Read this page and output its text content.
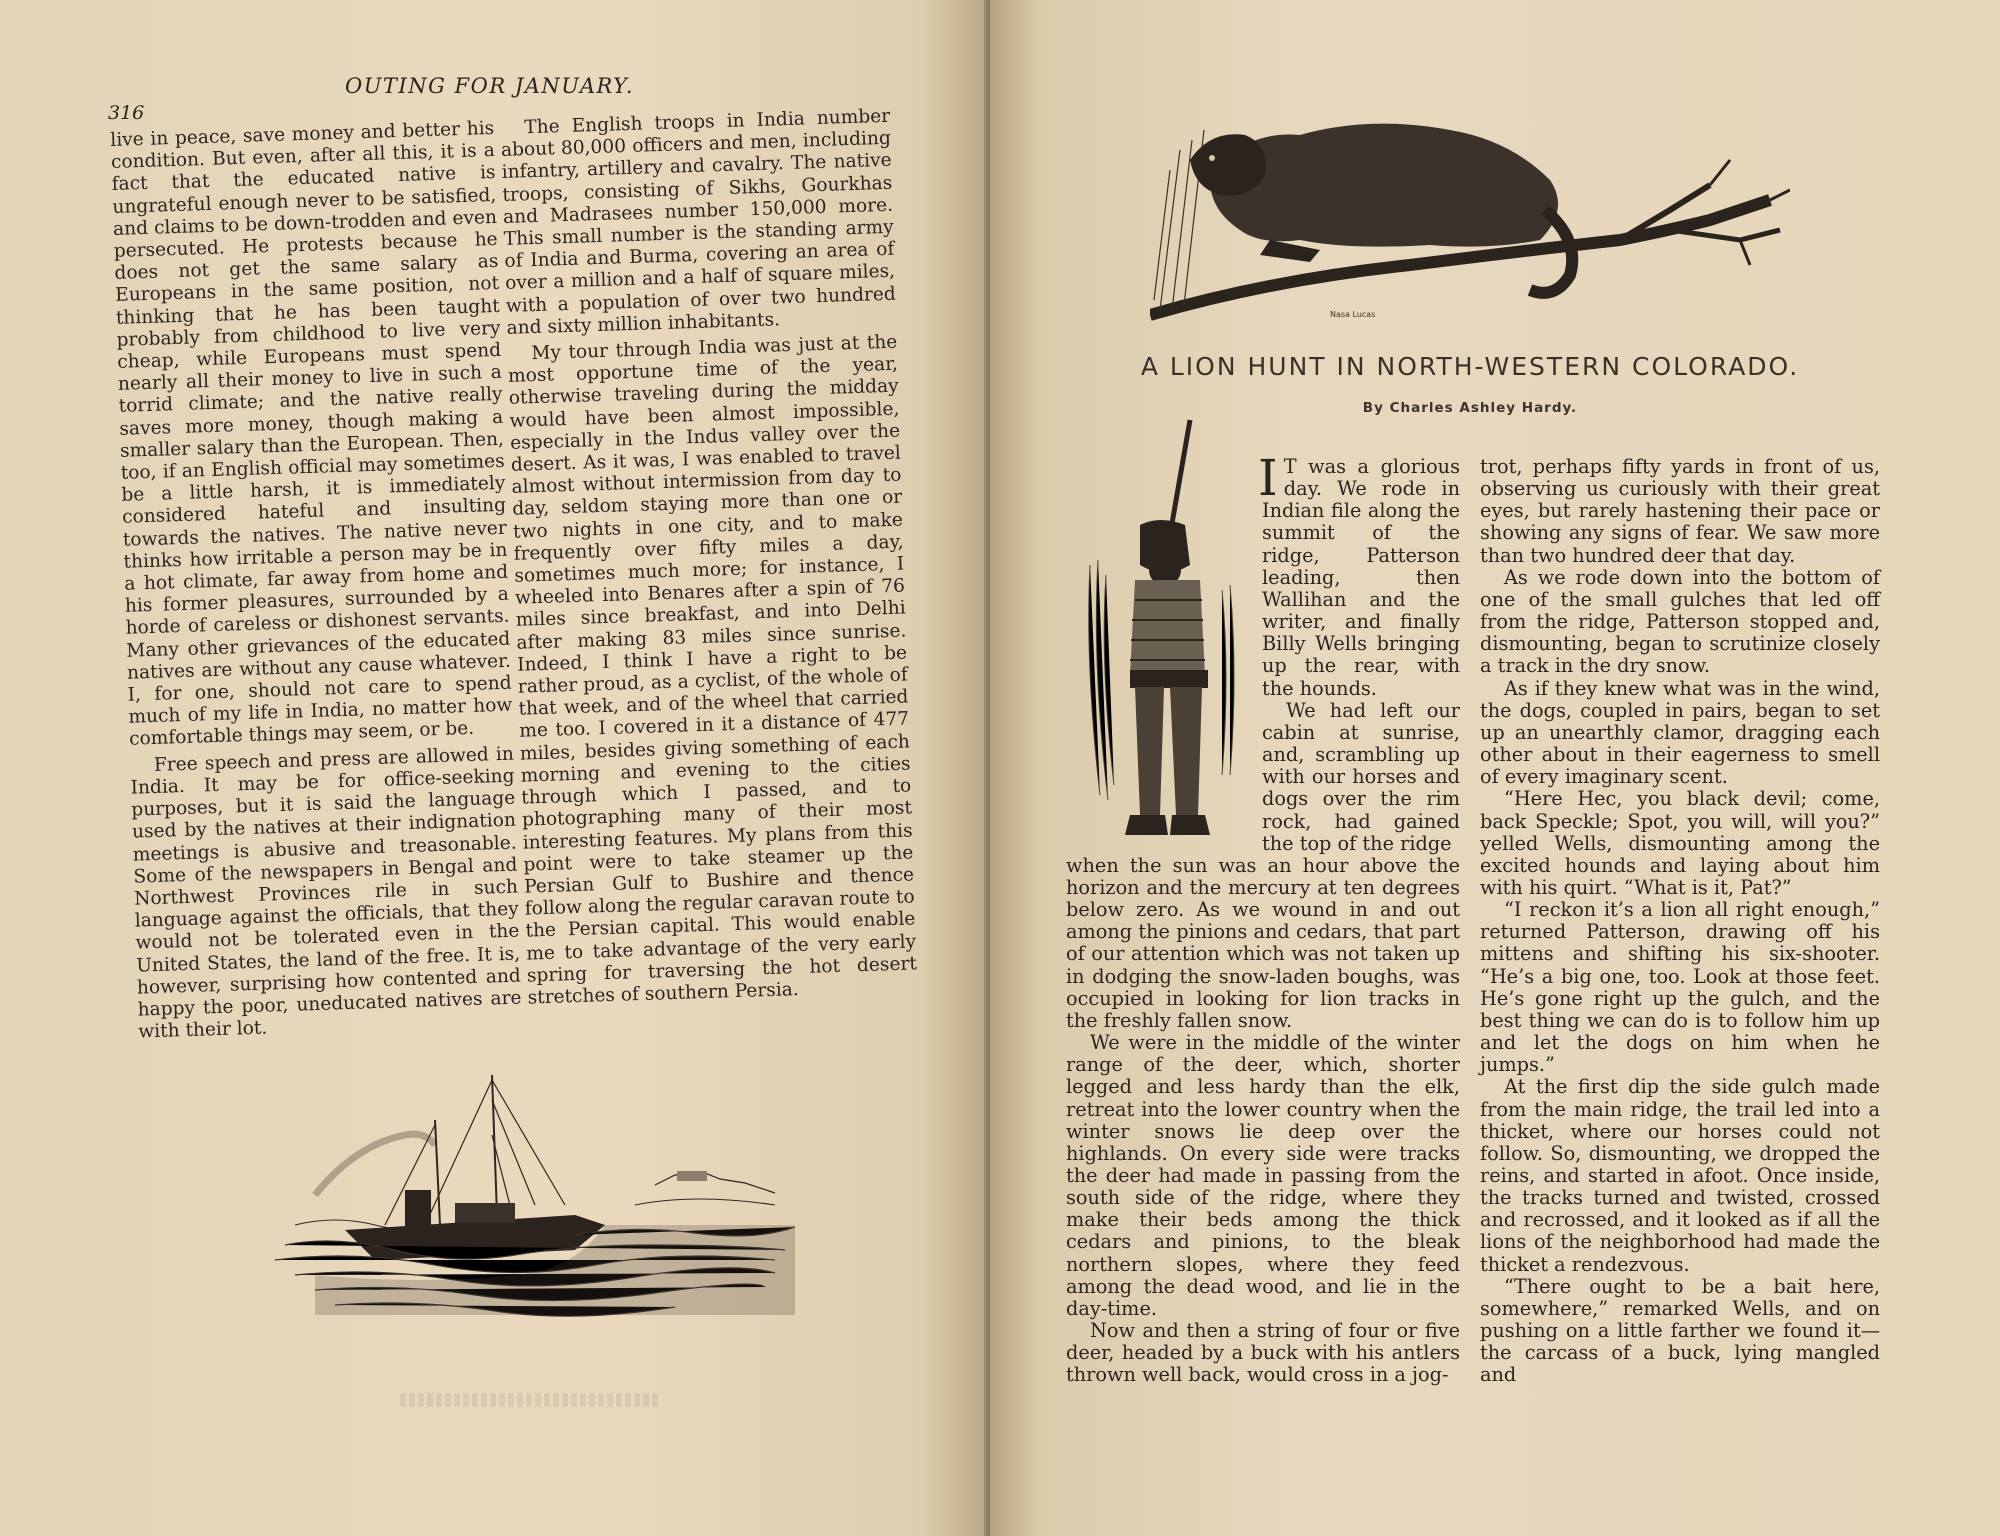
316
OUTING FOR JANUARY.

live in peace, save money and better his condition. But even, after all this, it is a fact that the educated native is ungrateful enough never to be satisfied, and claims to be down-trodden and even persecuted. He protests because he does not get the same salary as Europeans in the same position, not thinking that he has been taught probably from childhood to live very cheap, while Europeans must spend nearly all their money to live in such a torrid climate; and the native really saves more money, though making a smaller salary than the European. Then, too, if an English official may sometimes be a little harsh, it is immediately considered hateful and insulting towards the natives. The native never thinks how irritable a person may be in a hot climate, far away from home and his former pleasures, surrounded by a horde of careless or dishonest servants. Many other grievances of the educated natives are without any cause whatever. I, for one, should not care to spend much of my life in India, no matter how comfortable things may seem, or be.

Free speech and press are allowed in India. It may be for office-seeking purposes, but it is said the language used by the natives at their indignation meetings is abusive and treasonable. Some of the newspapers in Bengal and Northwest Provinces rile in such language against the officials, that they would not be tolerated even in the United States, the land of the free. It is, however, surprising how contented and happy the poor, uneducated natives are with their lot.

The English troops in India number about 80,000 officers and men, including infantry, artillery and cavalry. The native troops, consisting of Sikhs, Gourkhas and Madrasees number 150,000 more. This small number is the standing army of India and Burma, covering an area of over a million and a half of square miles, with a population of over two hundred and sixty million inhabitants.

My tour through India was just at the most opportune time of the year, otherwise traveling during the midday would have been almost impossible, especially in the Indus valley over the desert. As it was, I was enabled to travel almost without intermission from day to day, seldom staying more than one or two nights in one city, and to make frequently over fifty miles a day, sometimes much more; for instance, I wheeled into Benares after a spin of 76 miles since breakfast, and into Delhi after making 83 miles since sunrise. Indeed, I think I have a right to be rather proud, as a cyclist, of the whole of that week, and of the wheel that carried me too. I covered in it a distance of 477 miles, besides giving something of each morning and evening to the cities through which I passed, and to photographing many of their most interesting features. My plans from this point were to take steamer up the Persian Gulf to Bushire and thence follow along the regular caravan route to the Persian capital. This would enable me to take advantage of the very early spring for traversing the hot desert stretches of southern Persia.

Nasa Lucas
A LION HUNT IN NORTH-WESTERN COLORADO.
By Charles Ashley Hardy.

I T was a glorious day. We rode in Indian file along the summit of the ridge, Patterson leading, then Wallihan and the writer, and finally Billy Wells bringing up the rear, with the hounds.

We had left our cabin at sunrise, and, scrambling up with our horses and dogs over the rim rock, had gained the top of the ridge

when the sun was an hour above the horizon and the mercury at ten degrees below zero. As we wound in and out among the pinions and cedars, that part of our attention which was not taken up in dodging the snow-laden boughs, was occupied in looking for lion tracks in the freshly fallen snow.

We were in the middle of the winter range of the deer, which, shorter legged and less hardy than the elk, retreat into the lower country when the winter snows lie deep over the highlands. On every side were tracks the deer had made in passing from the south side of the ridge, where they make their beds among the thick cedars and pinions, to the bleak northern slopes, where they feed among the dead wood, and lie in the day-time.

Now and then a string of four or five deer, headed by a buck with his antlers thrown well back, would cross in a jog-

trot, perhaps fifty yards in front of us, observing us curiously with their great eyes, but rarely hastening their pace or showing any signs of fear. We saw more than two hundred deer that day.

As we rode down into the bottom of one of the small gulches that led off from the ridge, Patterson stopped and, dismounting, began to scrutinize closely a track in the dry snow.

As if they knew what was in the wind, the dogs, coupled in pairs, began to set up an unearthly clamor, dragging each other about in their eagerness to smell of every imaginary scent.

“Here Hec, you black devil; come, back Speckle; Spot, you will, will you?” yelled Wells, dismounting among the excited hounds and laying about him with his quirt. “What is it, Pat?”

“I reckon it’s a lion all right enough,” returned Patterson, drawing off his mittens and shifting his six-shooter. “He’s a big one, too. Look at those feet. He’s gone right up the gulch, and the best thing we can do is to follow him up and let the dogs on him when he jumps.”

At the first dip the side gulch made from the main ridge, the trail led into a thicket, where our horses could not follow. So, dismounting, we dropped the reins, and started in afoot. Once inside, the tracks turned and twisted, crossed and recrossed, and it looked as if all the lions of the neighborhood had made the thicket a rendezvous.

“There ought to be a bait here, somewhere,” remarked Wells, and on pushing on a little farther we found it—the carcass of a buck, lying mangled and
